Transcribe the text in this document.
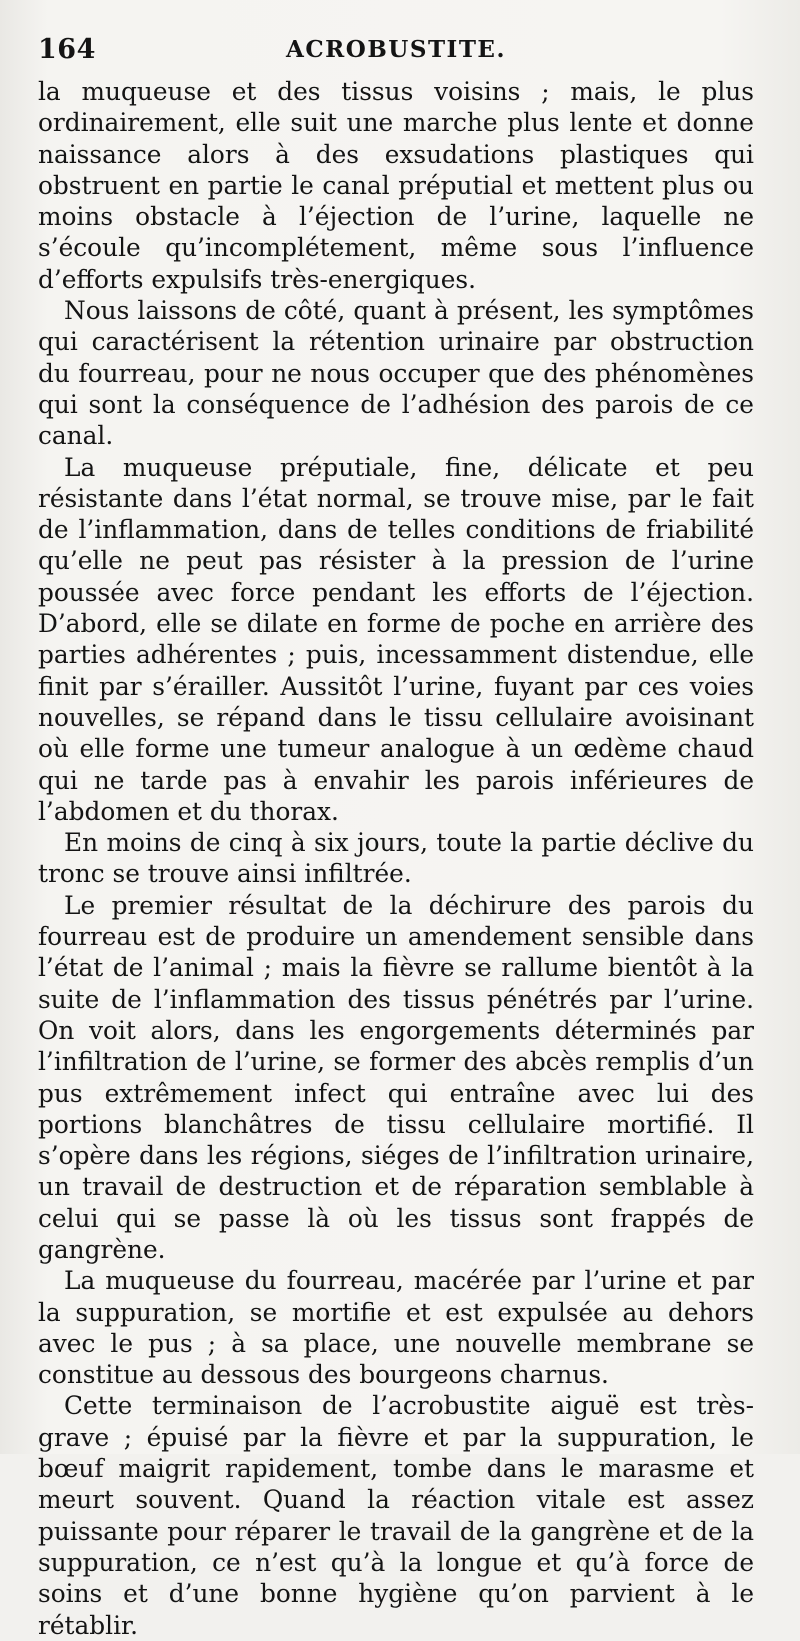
164	ACROBUSTITE.

la muqueuse et des tissus voisins ; mais, le plus ordinairement, elle suit une marche plus lente et donne naissance alors à des exsudations plastiques qui obstruent en partie le canal préputial et mettent plus ou moins obstacle à l’éjection de l’urine, laquelle ne s’écoule qu’incomplétement, même sous l’influence d’efforts expulsifs très-energiques.

Nous laissons de côté, quant à présent, les symptômes qui caractérisent la rétention urinaire par obstruction du fourreau, pour ne nous occuper que des phénomènes qui sont la conséquence de l’adhésion des parois de ce canal.

La muqueuse préputiale, fine, délicate et peu résistante dans l’état normal, se trouve mise, par le fait de l’inflammation, dans de telles conditions de friabilité qu’elle ne peut pas résister à la pression de l’urine poussée avec force pendant les efforts de l’éjection. D’abord, elle se dilate en forme de poche en arrière des parties adhérentes ; puis, incessamment distendue, elle finit par s’érailler. Aussitôt l’urine, fuyant par ces voies nouvelles, se répand dans le tissu cellulaire avoisinant où elle forme une tumeur analogue à un œdème chaud qui ne tarde pas à envahir les parois inférieures de l’abdomen et du thorax.

En moins de cinq à six jours, toute la partie déclive du tronc se trouve ainsi infiltrée.

Le premier résultat de la déchirure des parois du fourreau est de produire un amendement sensible dans l’état de l’animal ; mais la fièvre se rallume bientôt à la suite de l’inflammation des tissus pénétrés par l’urine. On voit alors, dans les engorgements déterminés par l’infiltration de l’urine, se former des abcès remplis d’un pus extrêmement infect qui entraîne avec lui des portions blanchâtres de tissu cellulaire mortifié. Il s’opère dans les régions, siéges de l’infiltration urinaire, un travail de destruction et de réparation semblable à celui qui se passe là où les tissus sont frappés de gangrène.

La muqueuse du fourreau, macérée par l’urine et par la suppuration, se mortifie et est expulsée au dehors avec le pus ; à sa place, une nouvelle membrane se constitue au dessous des bourgeons charnus.

Cette terminaison de l’acrobustite aiguë est très-grave ; épuisé par la fièvre et par la suppuration, le bœuf maigrit rapidement, tombe dans le marasme et meurt souvent. Quand la réaction vitale est assez puissante pour réparer le travail de la gangrène et de la suppuration, ce n’est qu’à la longue et qu’à force de soins et d’une bonne hygiène qu’on parvient à le rétablir.
